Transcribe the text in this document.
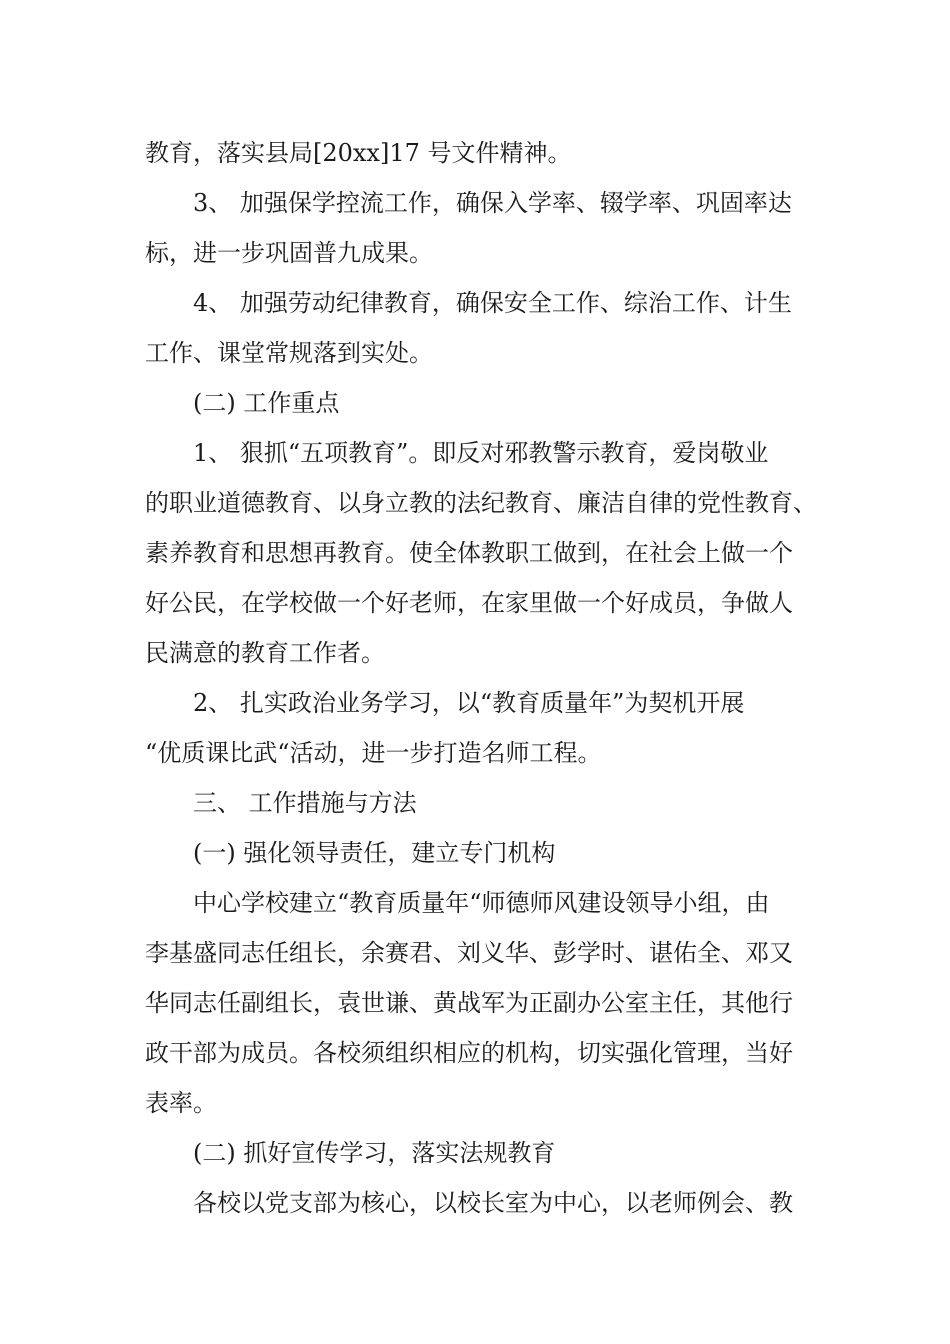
教育，落实县局[20xx]17 号文件精神。

3、 加强保学控流工作，确保入学率、辍学率、巩固率达

标，进一步巩固普九成果。

4、 加强劳动纪律教育，确保安全工作、综治工作、计生

工作、课堂常规落到实处。

(二) 工作重点

1、 狠抓“五项教育”。即反对邪教警示教育，爱岗敬业

的职业道德教育、以身立教的法纪教育、廉洁自律的党性教育、

素养教育和思想再教育。使全体教职工做到，在社会上做一个

好公民，在学校做一个好老师，在家里做一个好成员，争做人

民满意的教育工作者。

2、 扎实政治业务学习，以“教育质量年”为契机开展

“优质课比武“活动，进一步打造名师工程。

三、 工作措施与方法

(一) 强化领导责任，建立专门机构

中心学校建立“教育质量年“师德师风建设领导小组，由

李基盛同志任组长，余赛君、刘义华、彭学时、谌佑全、邓又

华同志任副组长，袁世谦、黄战军为正副办公室主任，其他行

政干部为成员。各校须组织相应的机构，切实强化管理，当好

表率。

(二) 抓好宣传学习，落实法规教育

各校以党支部为核心，以校长室为中心，以老师例会、教
